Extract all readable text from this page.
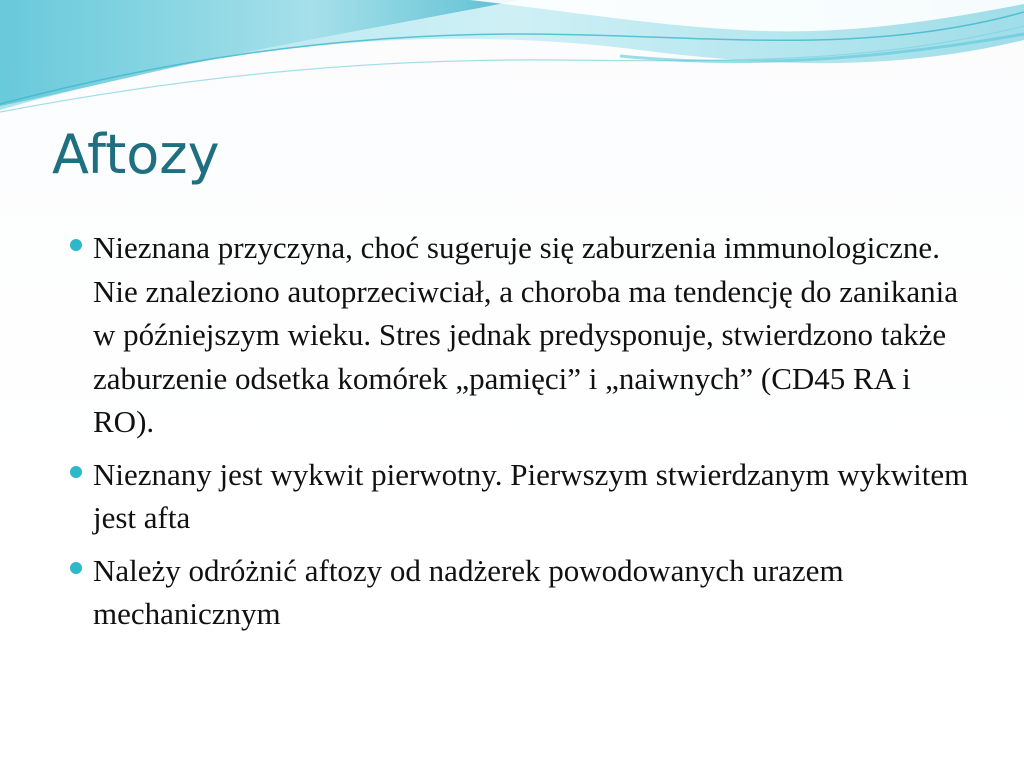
Aftozy
Nieznana przyczyna, choć sugeruje się zaburzenia immunologiczne. Nie znaleziono autoprzeciwciał, a choroba ma tendencję do zanikania w późniejszym wieku. Stres jednak predysponuje, stwierdzono także zaburzenie odsetka komórek „pamięci” i „naiwnych” (CD45 RA i RO).
Nieznany jest wykwit pierwotny. Pierwszym stwierdzanym wykwitem jest afta
Należy odróżnić aftozy od nadżerek powodowanych urazem mechanicznym
